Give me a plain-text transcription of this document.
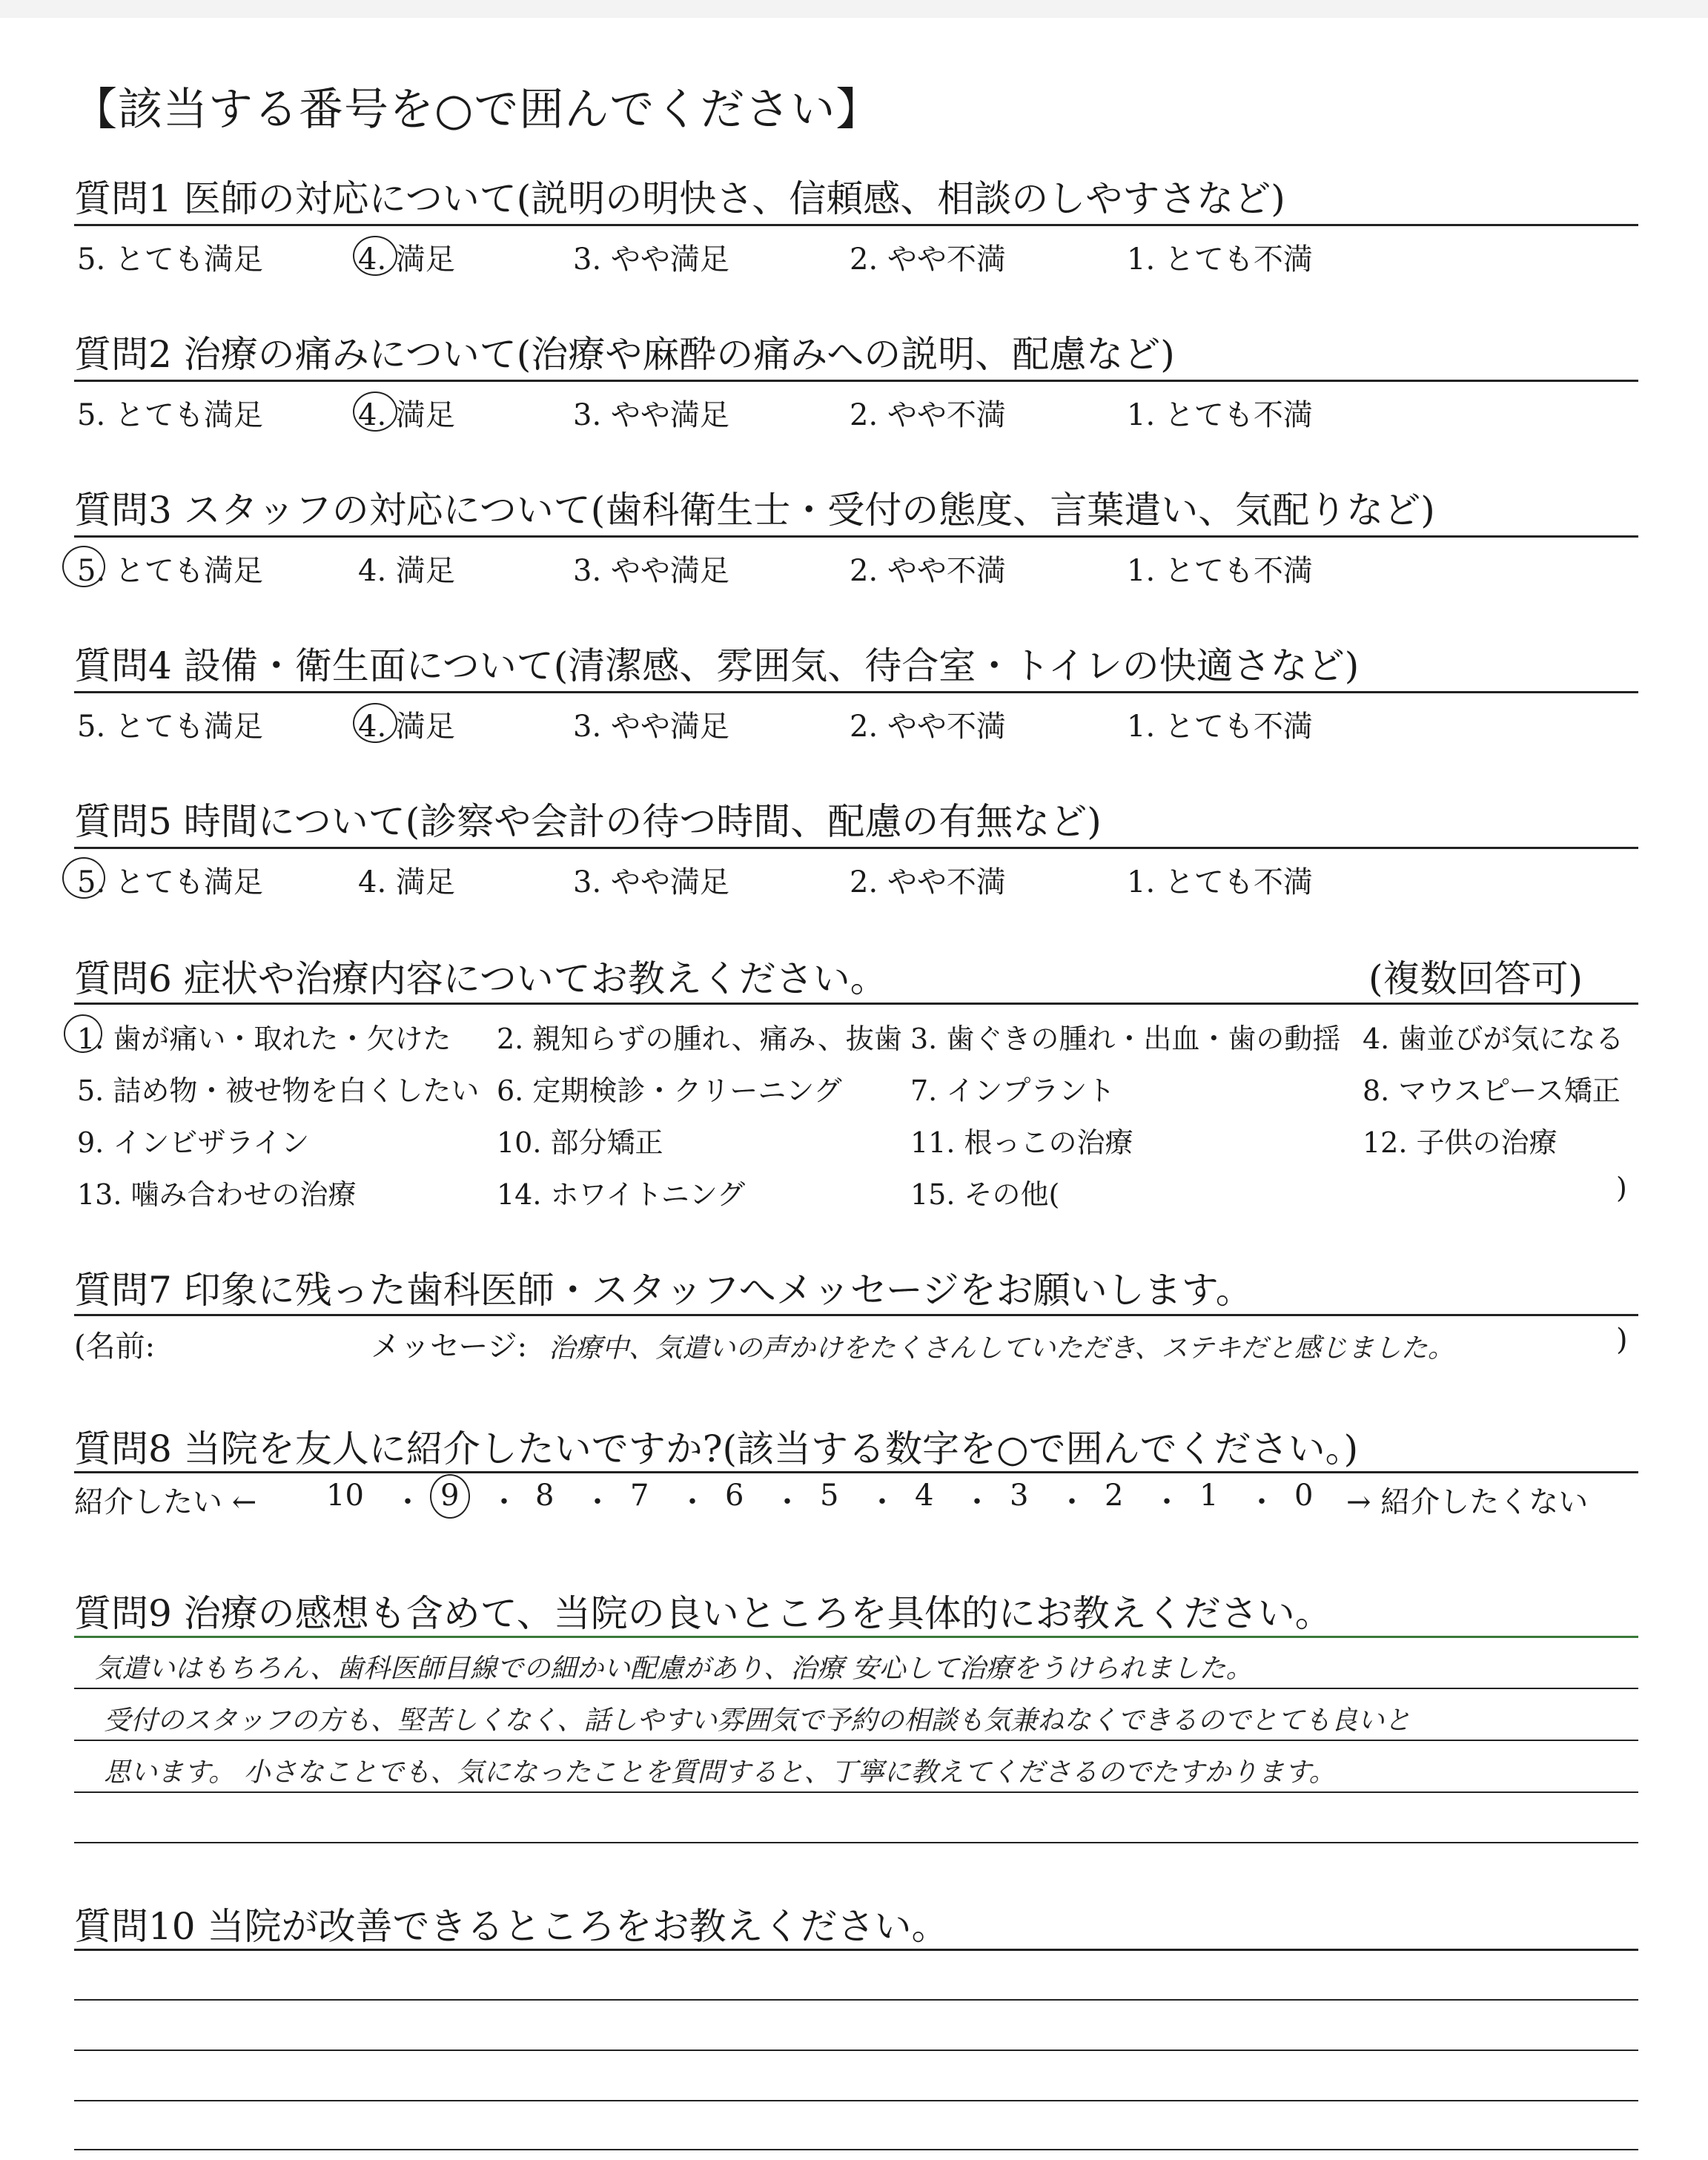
【該当する番号を○で囲んでください】
質問1 医師の対応について(説明の明快さ、信頼感、相談のしやすさなど)
5. とても満足	4. 満足	3. やや満足	2. やや不満	1. とても不満
質問2 治療の痛みについて(治療や麻酔の痛みへの説明、配慮など)
5. とても満足	4. 満足	3. やや満足	2. やや不満	1. とても不満
質問3 スタッフの対応について(歯科衛生士・受付の態度、言葉遣い、気配りなど)
5. とても満足	4. 満足	3. やや満足	2. やや不満	1. とても不満
質問4 設備・衛生面について(清潔感、雰囲気、待合室・トイレの快適さなど)
5. とても満足	4. 満足	3. やや満足	2. やや不満	1. とても不満
質問5 時間について(診察や会計の待つ時間、配慮の有無など)
5. とても満足	4. 満足	3. やや満足	2. やや不満	1. とても不満
質問6 症状や治療内容についてお教えください。	(複数回答可)
1. 歯が痛い・取れた・欠けた 2. 親知らずの腫れ、痛み、抜歯 3. 歯ぐきの腫れ・出血・歯の動揺 4. 歯並びが気になる
5. 詰め物・被せ物を白くしたい 6. 定期検診・クリーニング 7. インプラント	8. マウスピース矯正
9. インビザライン	10. 部分矯正	11. 根っこの治療	12. 子供の治療
13. 噛み合わせの治療	14. ホワイトニング	15. その他(	)
質問7 印象に残った歯科医師・スタッフへメッセージをお願いします。
(名前:	メッセージ: 治療中、気遣いの声かけをたくさんしていただき、ステキだと感じました。	)
質問8 当院を友人に紹介したいですか?(該当する数字を○で囲んでください。)
紹介したい ← 10 ・ 9 ・ 8 ・ 7 ・ 6 ・ 5 ・ 4 ・ 3 ・ 2 ・ 1 ・ 0 → 紹介したくない
質問9 治療の感想も含めて、当院の良いところを具体的にお教えください。
気遣いはもちろん、歯科医師目線での細かい配慮があり、治療 安心して治療をうけられました。
受付のスタッフの方も、堅苦しくなく、話しやすい雰囲気で予約の相談も気兼ねなくできるのでとても良いと
思います。 小さなことでも、気になったことを質問すると、丁寧に教えてくださるのでたすかります。
質問10 当院が改善できるところをお教えください。
